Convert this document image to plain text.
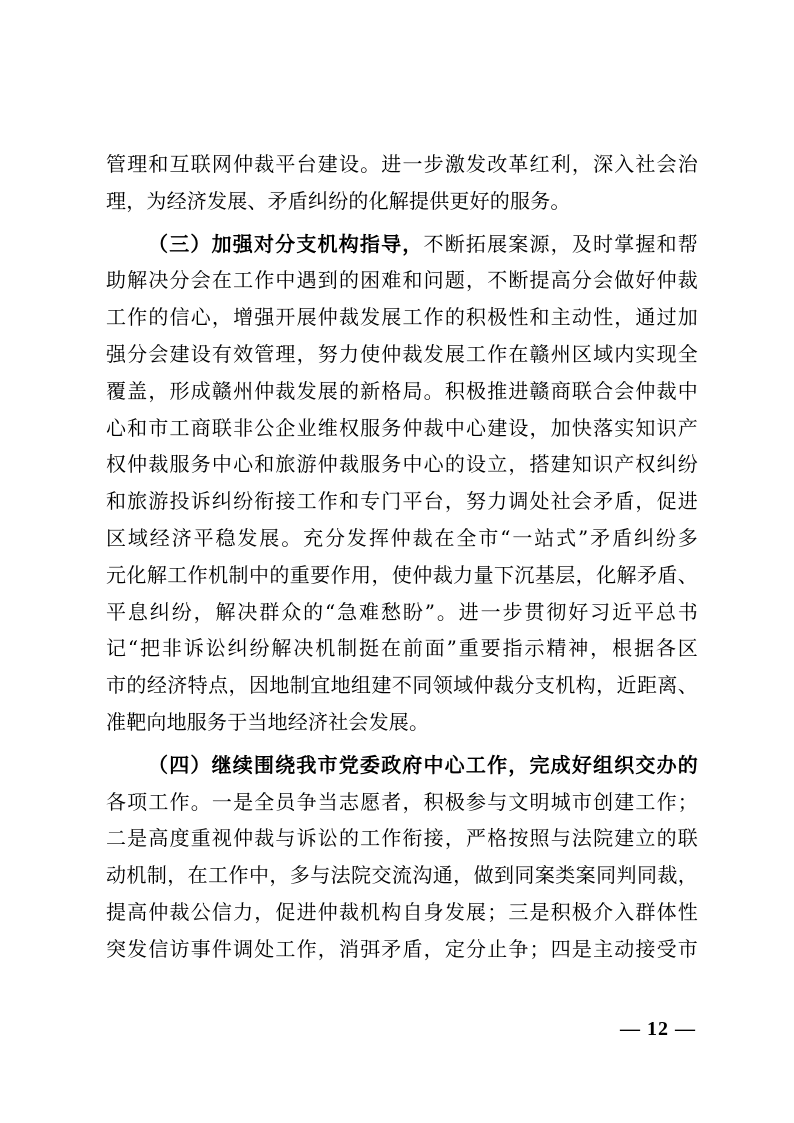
管理和互联网仲裁平台建设。进一步激发改革红利，深入社会治
理，为经济发展、矛盾纠纷的化解提供更好的服务。
（三）加强对分支机构指导，不断拓展案源，及时掌握和帮
助解决分会在工作中遇到的困难和问题，不断提高分会做好仲裁
工作的信心，增强开展仲裁发展工作的积极性和主动性，通过加
强分会建设有效管理，努力使仲裁发展工作在赣州区域内实现全
覆盖，形成赣州仲裁发展的新格局。积极推进赣商联合会仲裁中
心和市工商联非公企业维权服务仲裁中心建设，加快落实知识产
权仲裁服务中心和旅游仲裁服务中心的设立，搭建知识产权纠纷
和旅游投诉纠纷衔接工作和专门平台，努力调处社会矛盾，促进
区域经济平稳发展。充分发挥仲裁在全市“一站式”矛盾纠纷多
元化解工作机制中的重要作用，使仲裁力量下沉基层，化解矛盾、
平息纠纷，解决群众的“急难愁盼”。进一步贯彻好习近平总书
记“把非诉讼纠纷解决机制挺在前面”重要指示精神，根据各区
市的经济特点，因地制宜地组建不同领域仲裁分支机构，近距离、
准靶向地服务于当地经济社会发展。
（四）继续围绕我市党委政府中心工作，完成好组织交办的
各项工作。一是全员争当志愿者，积极参与文明城市创建工作；
二是高度重视仲裁与诉讼的工作衔接，严格按照与法院建立的联
动机制，在工作中，多与法院交流沟通，做到同案类案同判同裁，
提高仲裁公信力，促进仲裁机构自身发展；三是积极介入群体性
突发信访事件调处工作，消弭矛盾，定分止争；四是主动接受市
— 12 —
